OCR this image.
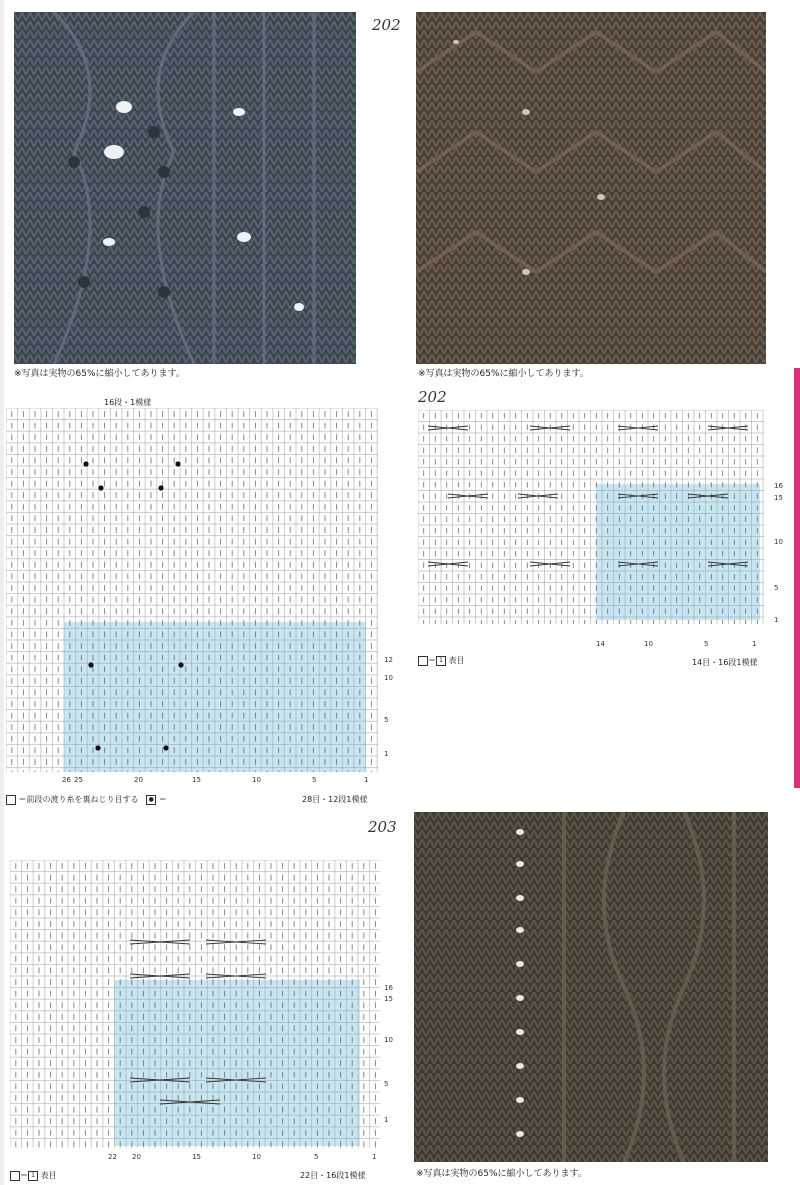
202
※写真は実物の65%に縮小してあります。	※写真は実物の65%に縮小してあります。
16段・1模様
12
10
5
1
26 25	20	15	10	5	1
＝前段の渡り糸を裏ねじり目する ● ＝	28目・12段1模様
202
16
15
10
5
1
14	10	5	1
＝ 1 表目	14目・16段1模様
203
16
15
10
5
1
22 20	15	10	5	1
＝ 1 表目	22目・16段1模様	※写真は実物の65%に縮小してあります。
